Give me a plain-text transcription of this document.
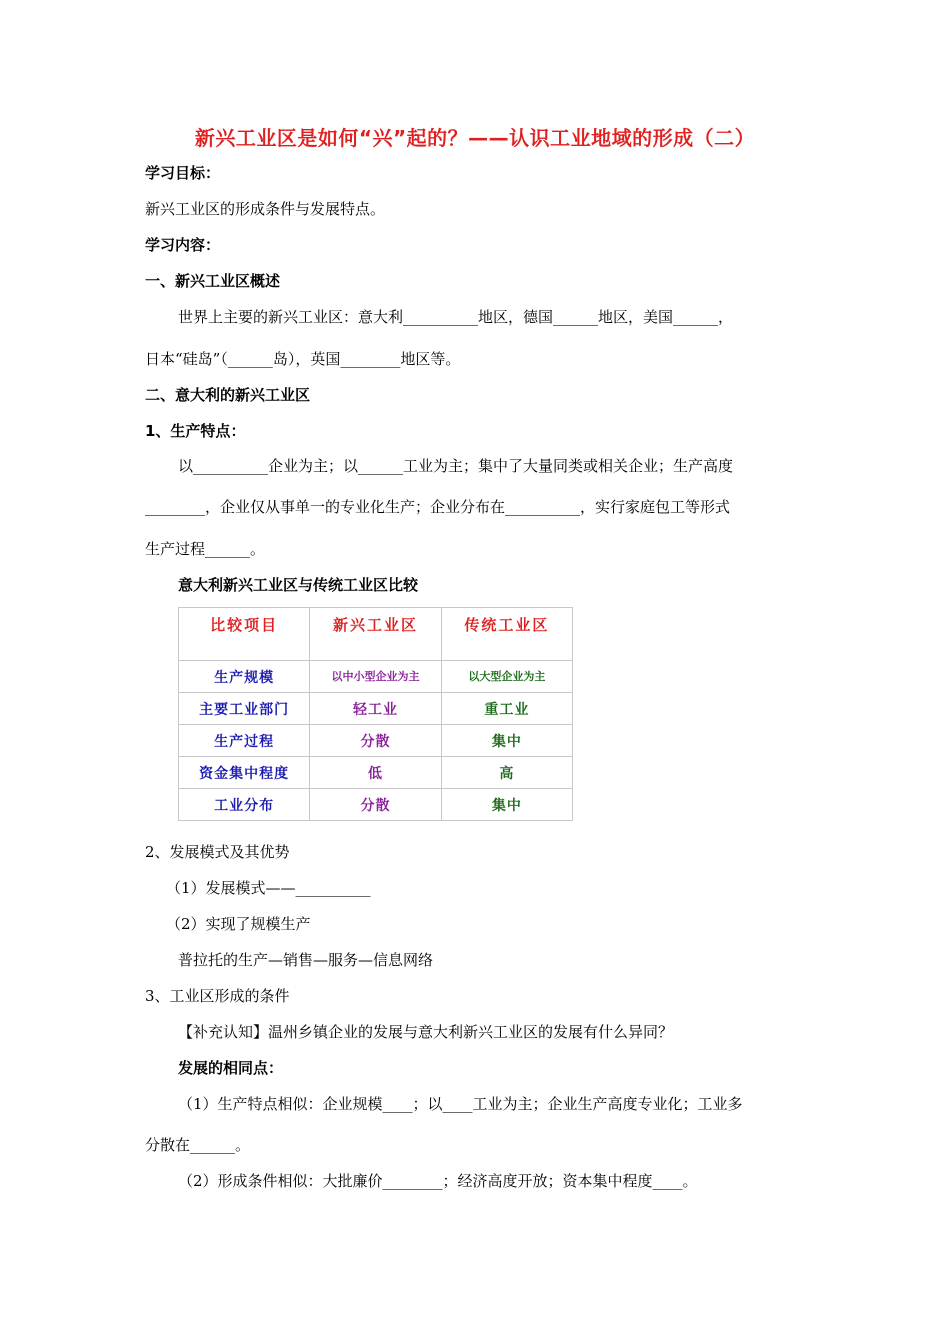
新兴工业区是如何“兴”起的？——认识工业地域的形成（二）
学习目标：
新兴工业区的形成条件与发展特点。
学习内容：
一、新兴工业区概述
世界上主要的新兴工业区：意大利__________地区，德国______地区，美国______，
日本“硅岛”（______岛），英国________地区等。
二、意大利的新兴工业区
1、生产特点：
以__________企业为主；以______工业为主；集中了大量同类或相关企业；生产高度
________，企业仅从事单一的专业化生产；企业分布在__________，实行家庭包工等形式
生产过程______。
意大利新兴工业区与传统工业区比较
比较项目	新兴工业区	传统工业区
生产规模	以中小型企业为主	以大型企业为主
主要工业部门	轻工业	重工业
生产过程	分散	集中
资金集中程度	低	高
工业分布	分散	集中
2、发展模式及其优势
（1）发展模式——__________
（2）实现了规模生产
普拉托的生产—销售—服务—信息网络
3、工业区形成的条件
【补充认知】温州乡镇企业的发展与意大利新兴工业区的发展有什么异同？
发展的相同点：
（1）生产特点相似：企业规模____；以____工业为主；企业生产高度专业化；工业多
分散在______。
（2）形成条件相似：大批廉价________；经济高度开放；资本集中程度____。
